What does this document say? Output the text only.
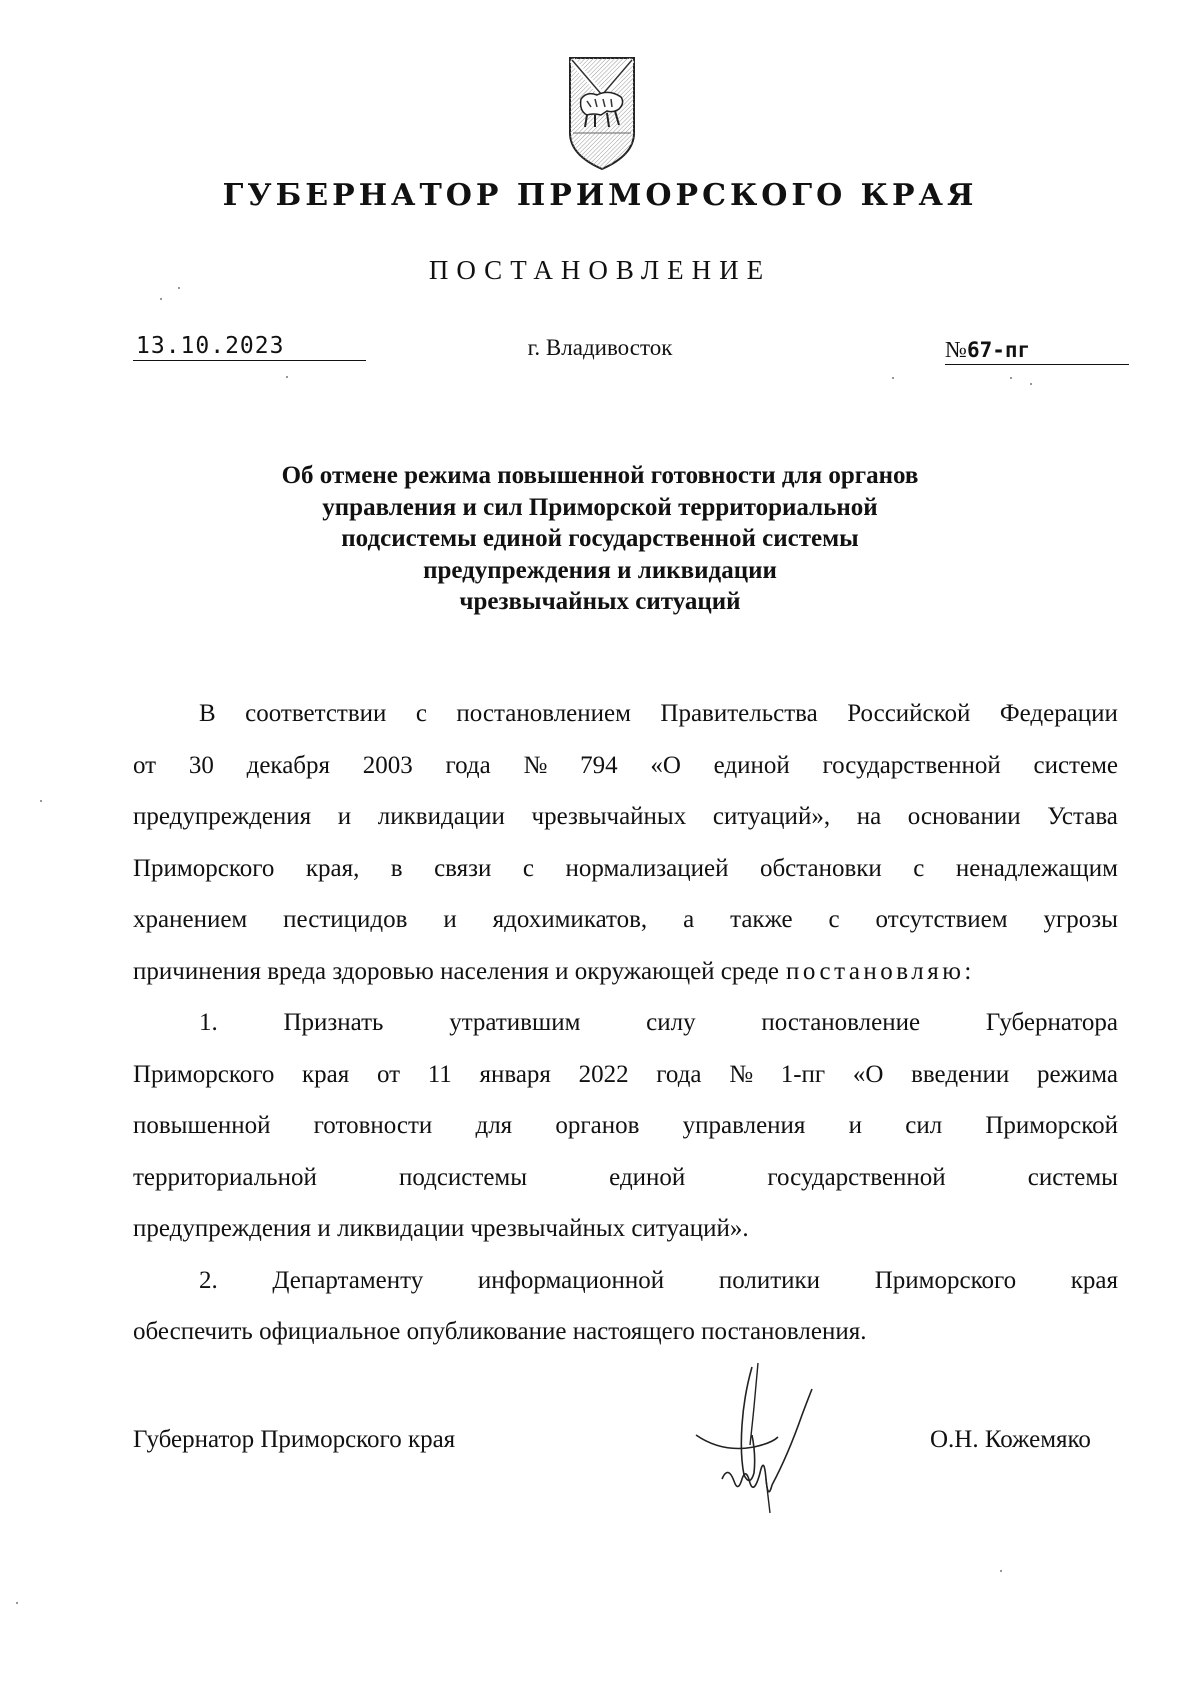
ГУБЕРНАТОР ПРИМОРСКОГО КРАЯ
ПОСТАНОВЛЕНИЕ
13.10.2023	г. Владивосток	№67-пг
Об отмене режима повышенной готовности для органов
управления и сил Приморской территориальной
подсистемы единой государственной системы
предупреждения и ликвидации
чрезвычайных ситуаций
В соответствии с постановлением Правительства Российской Федерации
от 30 декабря 2003 года № 794 «О единой государственной системе
предупреждения и ликвидации чрезвычайных ситуаций», на основании Устава
Приморского края, в связи с нормализацией обстановки с ненадлежащим
хранением пестицидов и ядохимикатов, а также с отсутствием угрозы
причинения вреда здоровью населения и окружающей среде постановляю:
1.	Признать	утратившим	силу	постановление	Губернатора
Приморского края от 11 января 2022 года № 1-пг «О введении режима
повышенной готовности для органов управления и сил Приморской
территориальной	подсистемы	единой	государственной	системы
предупреждения и ликвидации чрезвычайных ситуаций».
2. Департаменту информационной политики Приморского края
обеспечить официальное опубликование настоящего постановления.
Губернатор Приморского края	О.Н. Кожемяко
